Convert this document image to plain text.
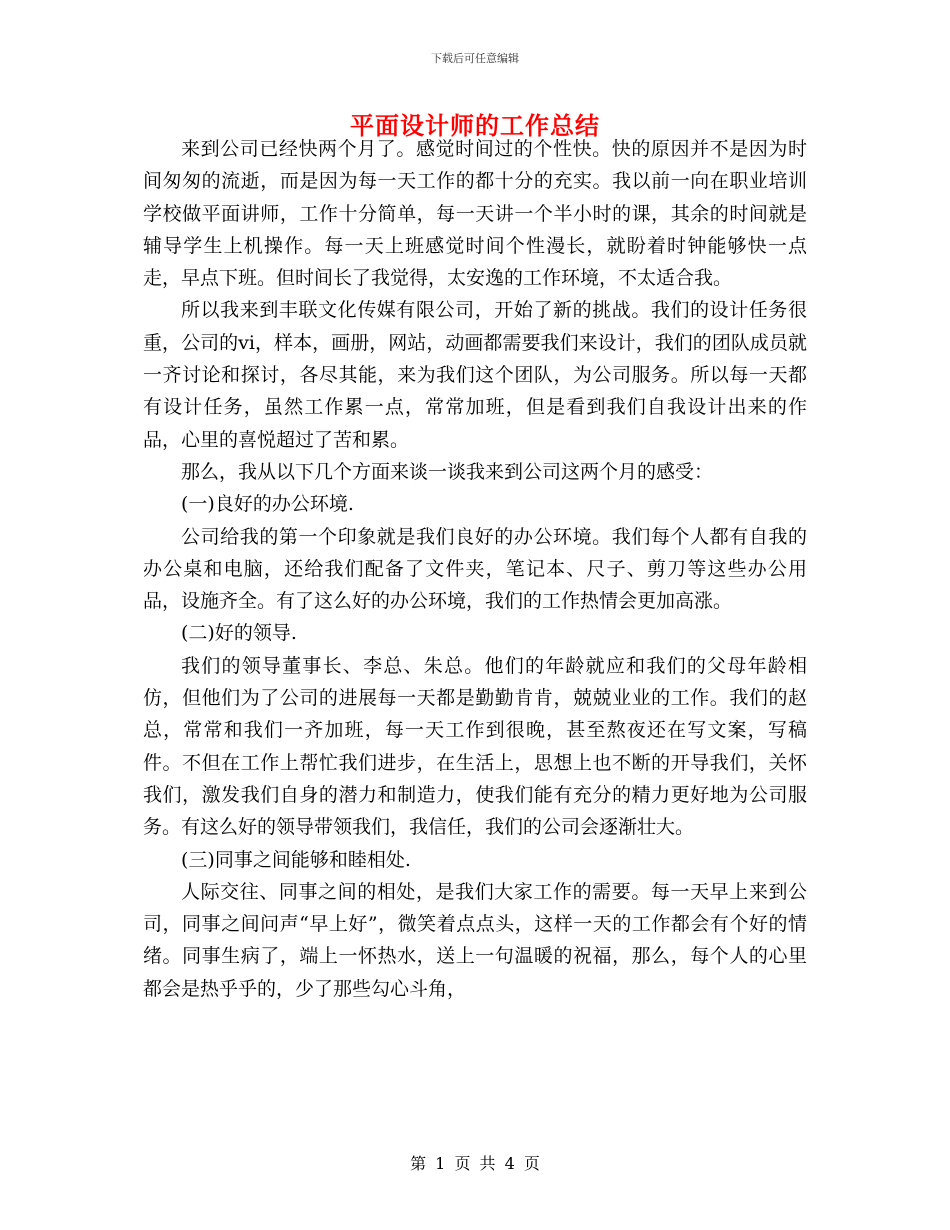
下载后可任意编辑
平面设计师的工作总结

来到公司已经快两个月了。感觉时间过的个性快。快的原因并不是因为时间匆匆的流逝，而是因为每一天工作的都十分的充实。我以前一向在职业培训学校做平面讲师，工作十分简单，每一天讲一个半小时的课，其余的时间就是辅导学生上机操作。每一天上班感觉时间个性漫长，就盼着时钟能够快一点走，早点下班。但时间长了我觉得，太安逸的工作环境，不太适合我。

所以我来到丰联文化传媒有限公司，开始了新的挑战。我们的设计任务很重，公司的vi，样本，画册，网站，动画都需要我们来设计，我们的团队成员就一齐讨论和探讨，各尽其能，来为我们这个团队，为公司服务。所以每一天都有设计任务，虽然工作累一点，常常加班，但是看到我们自我设计出来的作品，心里的喜悦超过了苦和累。

那么，我从以下几个方面来谈一谈我来到公司这两个月的感受：

(一)良好的办公环境.

公司给我的第一个印象就是我们良好的办公环境。我们每个人都有自我的办公桌和电脑，还给我们配备了文件夹，笔记本、尺子、剪刀等这些办公用品，设施齐全。有了这么好的办公环境，我们的工作热情会更加高涨。

(二)好的领导.

我们的领导董事长、李总、朱总。他们的年龄就应和我们的父母年龄相仿，但他们为了公司的进展每一天都是勤勤肯肯，兢兢业业的工作。我们的赵总，常常和我们一齐加班，每一天工作到很晚，甚至熬夜还在写文案，写稿件。不但在工作上帮忙我们进步，在生活上，思想上也不断的开导我们，关怀我们，激发我们自身的潜力和制造力，使我们能有充分的精力更好地为公司服务。有这么好的领导带领我们，我信任，我们的公司会逐渐壮大。

(三)同事之间能够和睦相处.

人际交往、同事之间的相处，是我们大家工作的需要。每一天早上来到公司，同事之间问声“早上好”，微笑着点点头，这样一天的工作都会有个好的情绪。同事生病了，端上一怀热水，送上一句温暖的祝福，那么，每个人的心里都会是热乎乎的，少了那些勾心斗角，

第 1 页 共 4 页
